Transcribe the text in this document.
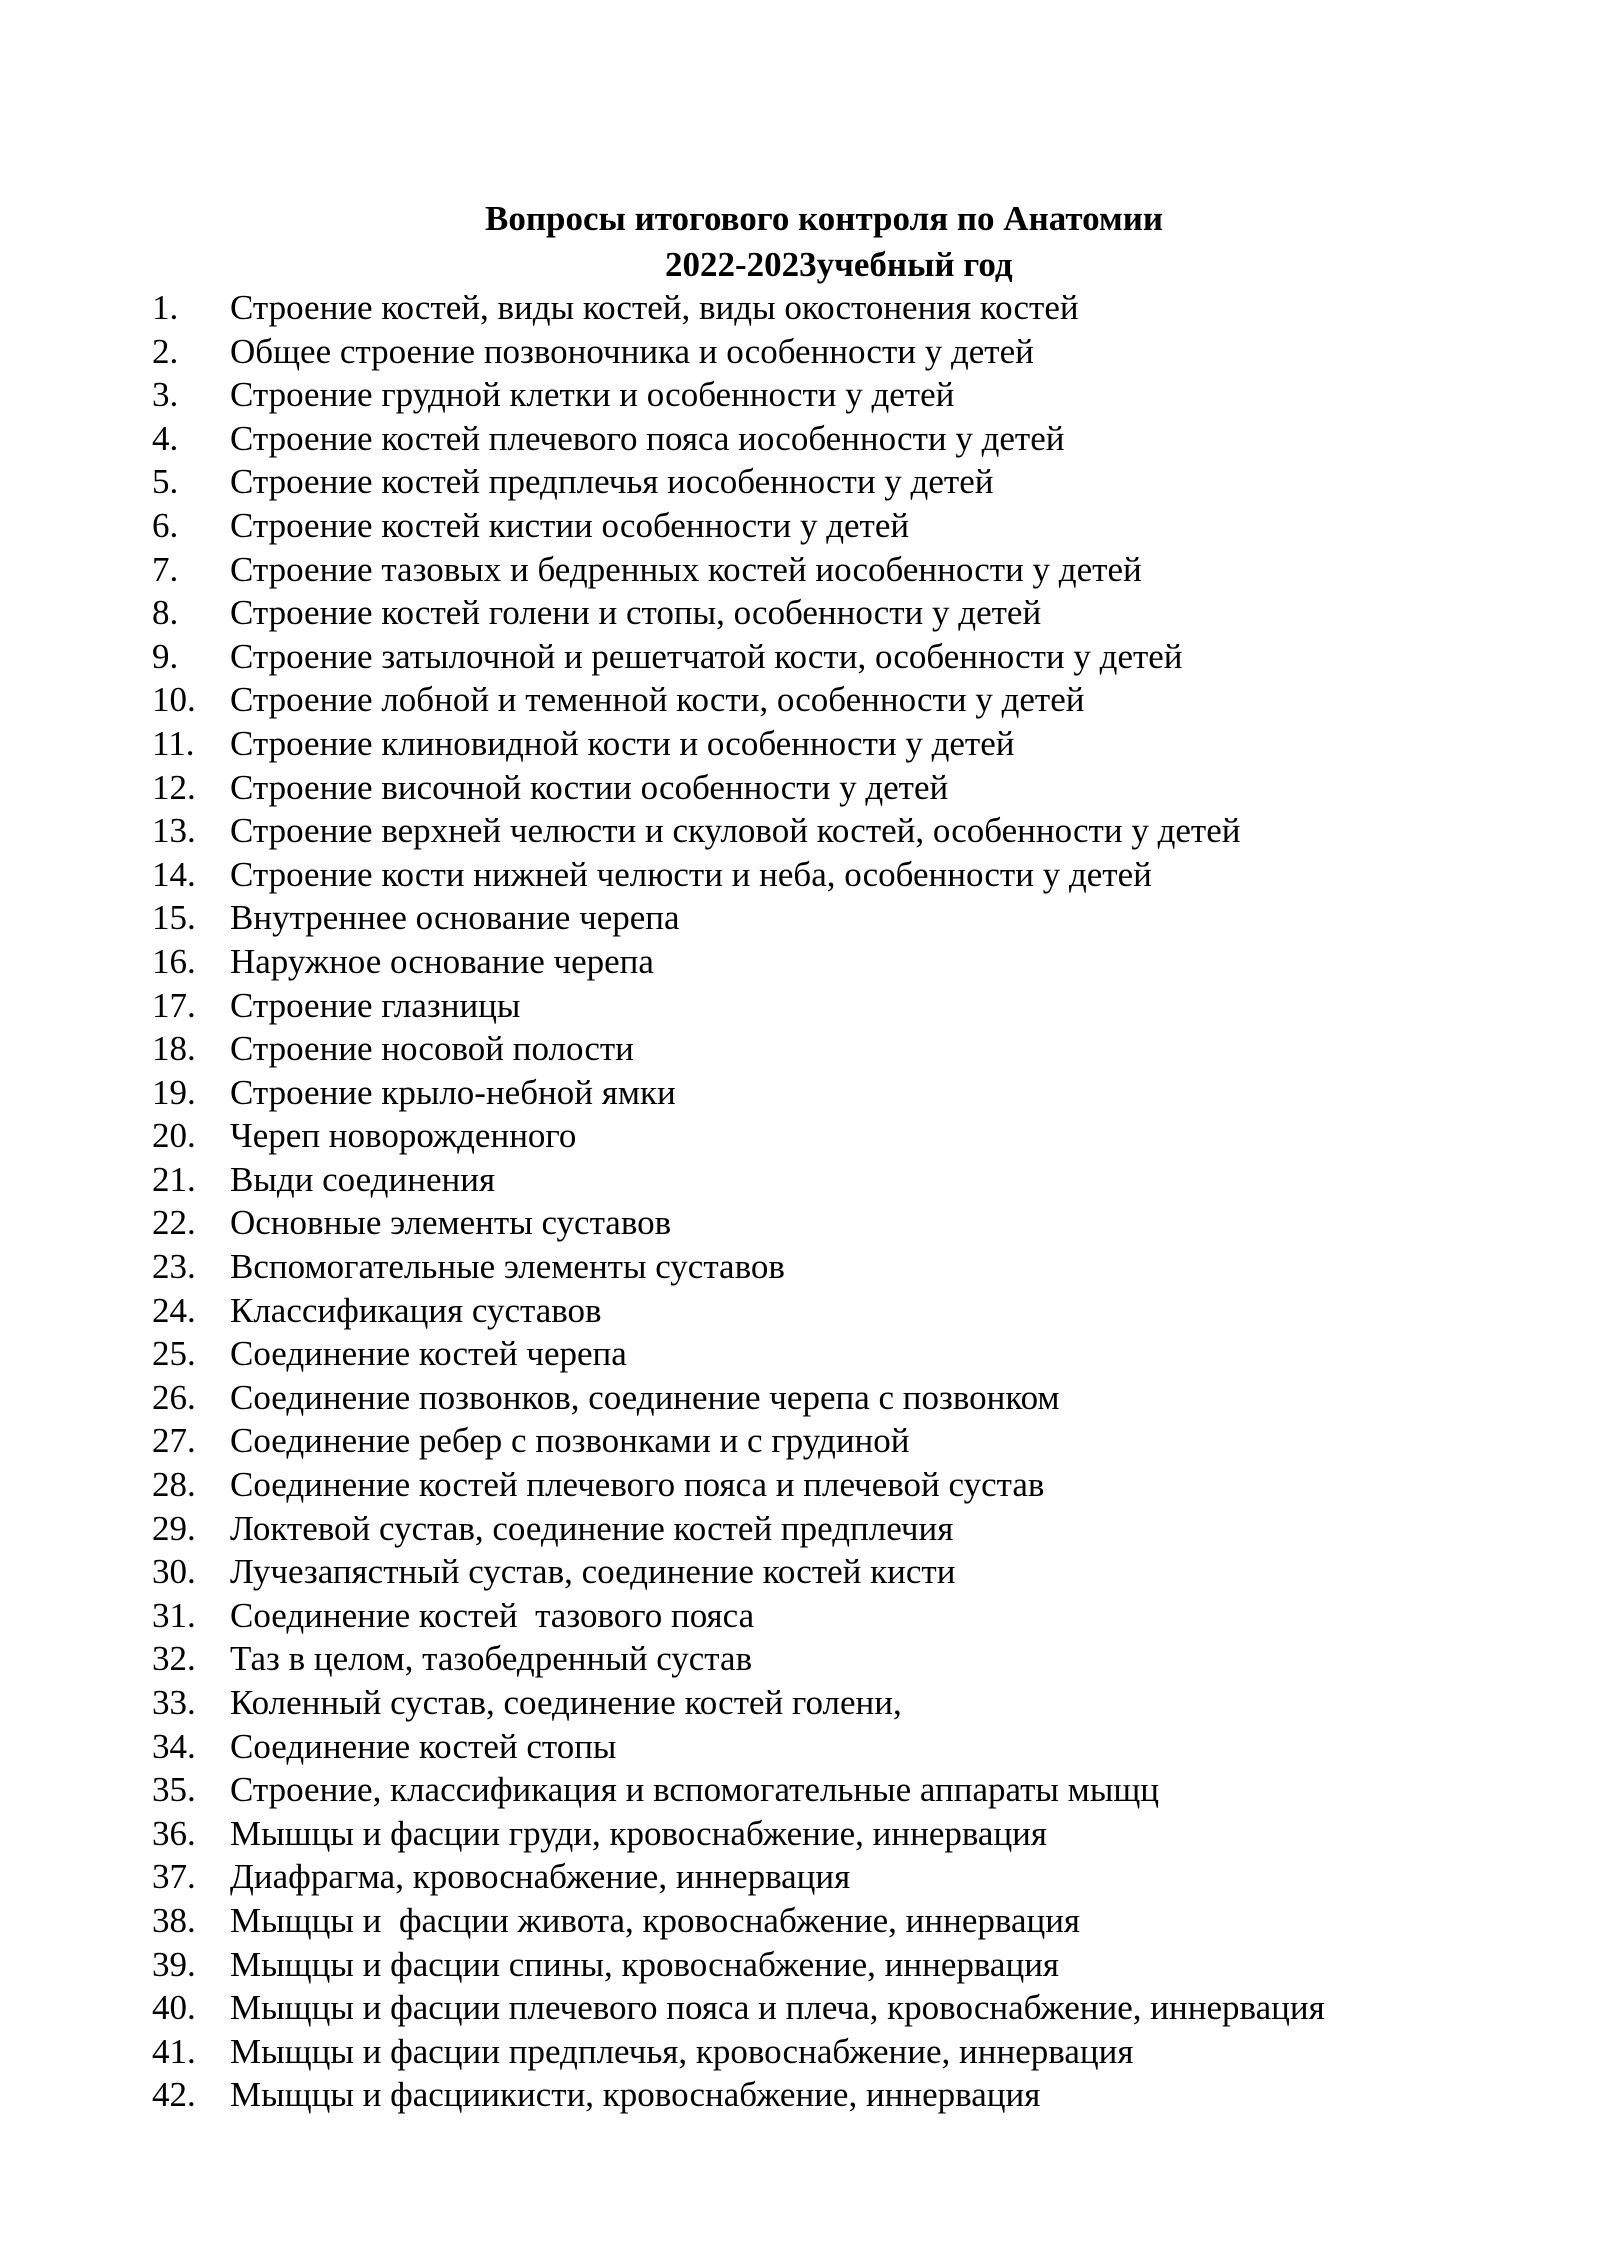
Вопросы итогового контроля по Анатомии
2022-2023учебный год
1. Строение костей, виды костей, виды окостонения костей
2. Общее строение позвоночника и особенности у детей
3. Строение грудной клетки и особенности у детей
4. Строение костей плечевого пояса иособенности у детей
5. Строение костей предплечья иособенности у детей
6. Строение костей кистии особенности у детей
7. Строение тазовых и бедренных костей иособенности у детей
8. Строение костей голени и стопы, особенности у детей
9. Строение затылочной и решетчатой кости, особенности у детей
10. Строение лобной и теменной кости, особенности у детей
11. Строение клиновидной кости и особенности у детей
12. Строение височной костии особенности у детей
13. Строение верхней челюсти и скуловой костей, особенности у детей
14. Строение кости нижней челюсти и неба, особенности у детей
15. Внутреннее основание черепа
16. Наружное основание черепа
17. Строение глазницы
18. Строение носовой полости
19. Строение крыло-небной ямки
20. Череп новорожденного
21. Выди соединения
22. Основные элементы суставов
23. Вспомогательные элементы суставов
24. Классификация суставов
25. Соединение костей черепа
26. Соединение позвонков, соединение черепа с позвонком
27. Соединение ребер с позвонками и с грудиной
28. Соединение костей плечевого пояса и плечевой сустав
29. Локтевой сустав, соединение костей предплечия
30. Лучезапястный сустав, соединение костей кисти
31. Соединение костей  тазового пояса
32. Таз в целом, тазобедренный сустав
33. Коленный сустав, соединение костей голени,
34. Соединение костей стопы
35. Строение, классификация и вспомогательные аппараты мыщц
36. Мышцы и фасции груди, кровоснабжение, иннервация
37. Диафрагма, кровоснабжение, иннервация
38. Мыщцы и  фасции живота, кровоснабжение, иннервация
39. Мыщцы и фасции спины, кровоснабжение, иннервация
40. Мыщцы и фасции плечевого пояса и плеча, кровоснабжение, иннервация
41. Мыщцы и фасции предплечья, кровоснабжение, иннервация
42. Мыщцы и фасциикисти, кровоснабжение, иннервация
